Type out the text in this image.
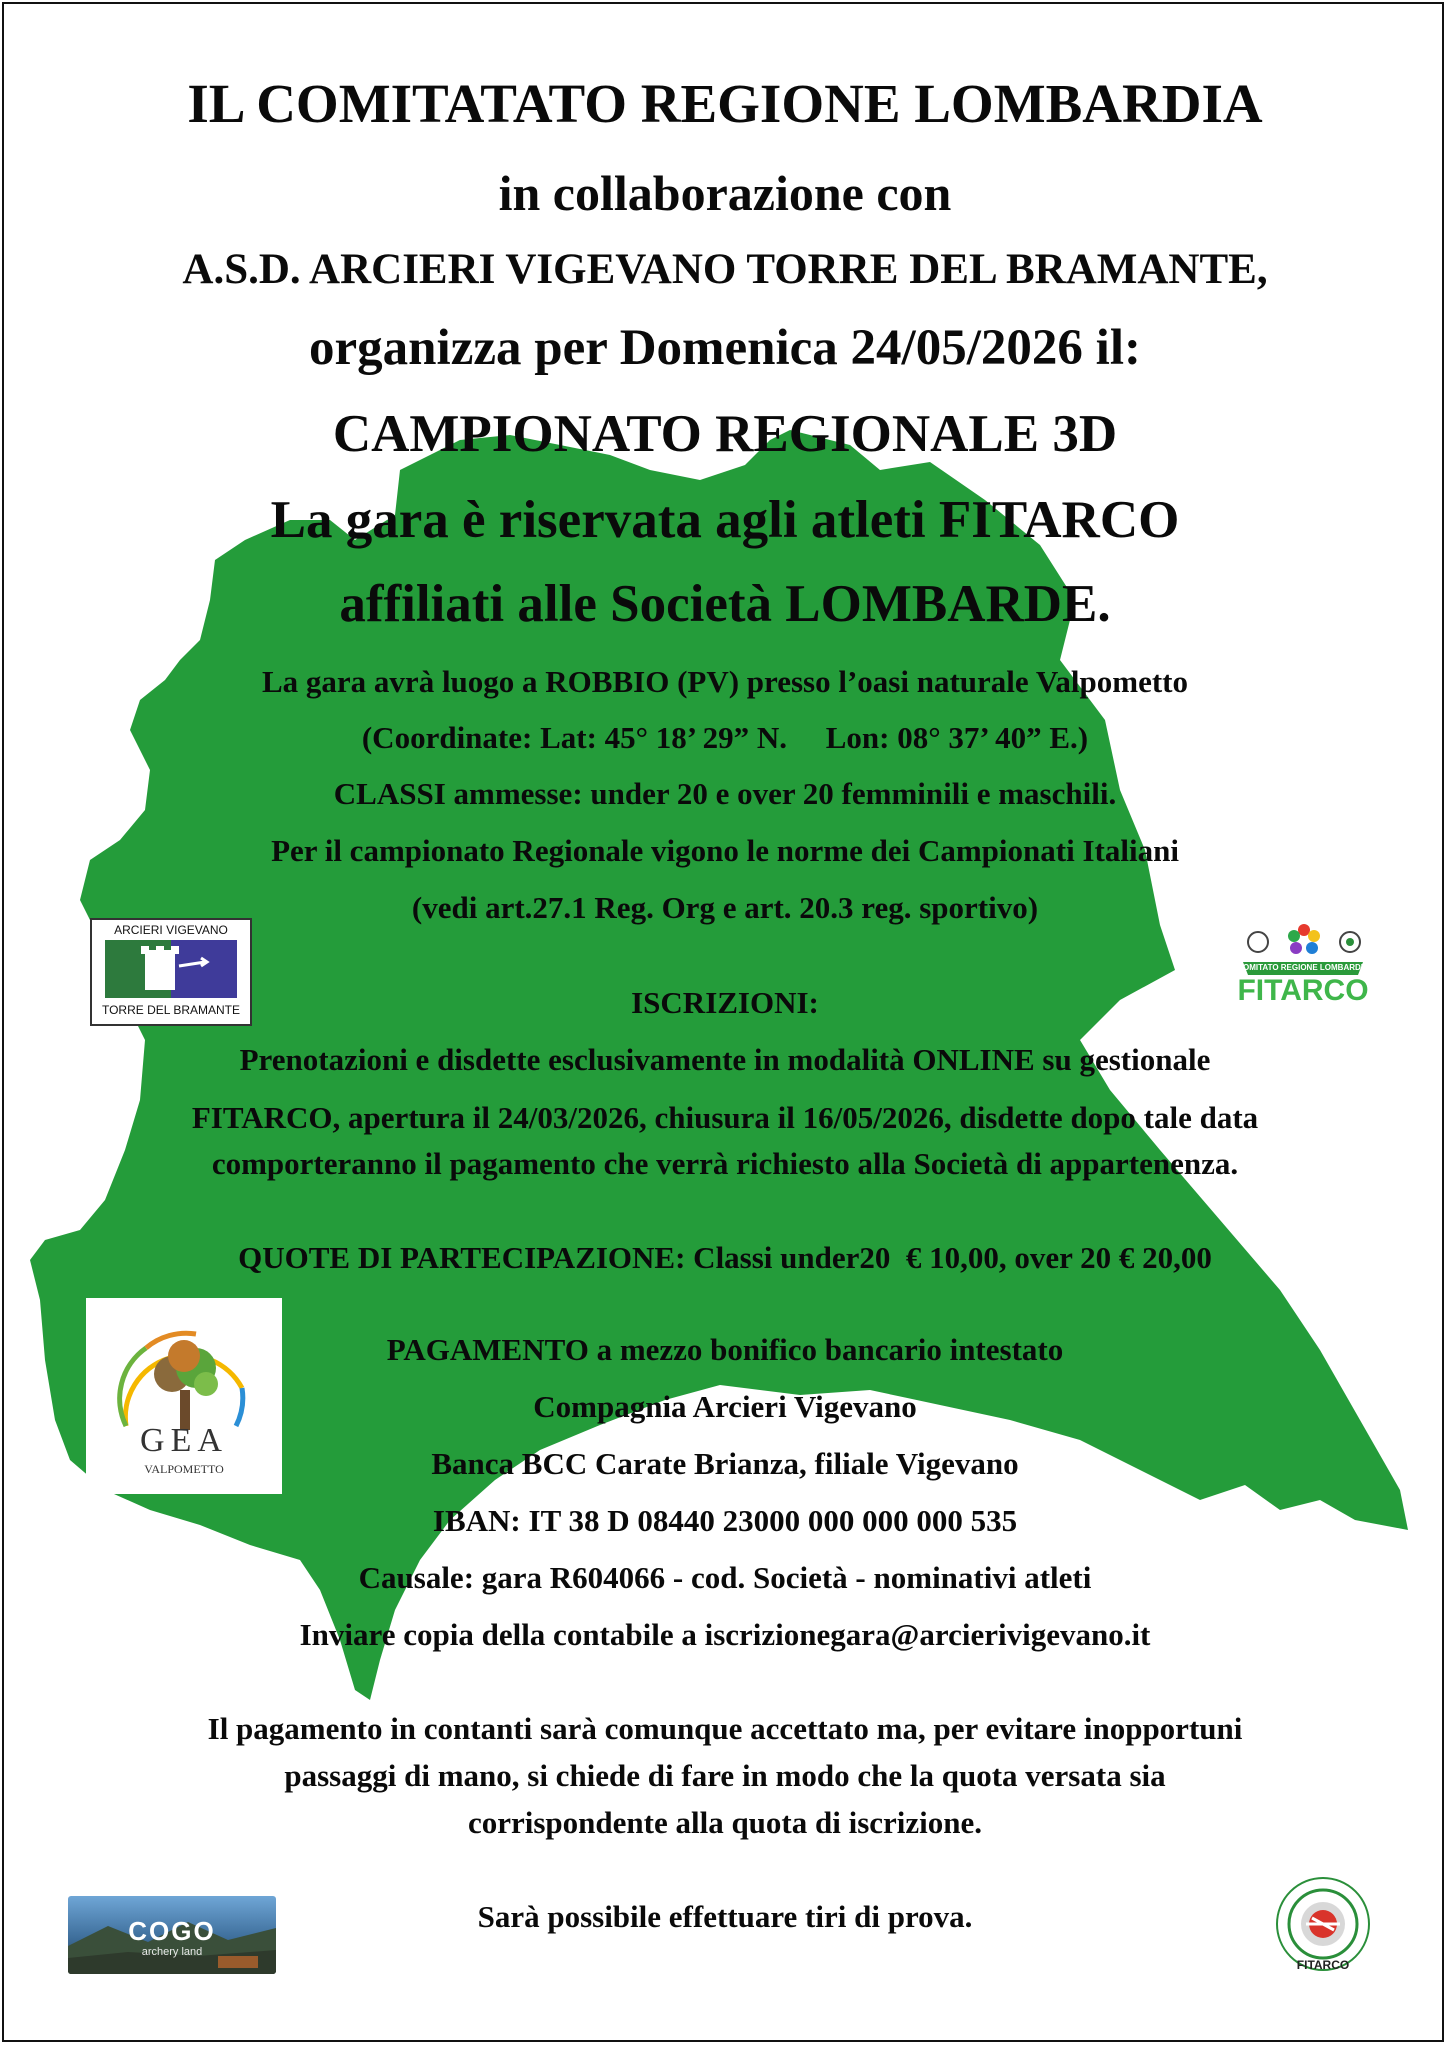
IL COMITATATO REGIONE LOMBARDIA
in collaborazione con
A.S.D. ARCIERI VIGEVANO TORRE DEL BRAMANTE,
organizza per Domenica 24/05/2026 il:
CAMPIONATO REGIONALE 3D
La gara è riservata agli atleti FITARCO
affiliati alle Società LOMBARDE.
La gara avrà luogo a ROBBIO (PV) presso l’oasi naturale Valpometto
(Coordinate: Lat: 45° 18’ 29” N.     Lon: 08° 37’ 40” E.)
CLASSI ammesse: under 20 e over 20 femminili e maschili.
Per il campionato Regionale vigono le norme dei Campionati Italiani
(vedi art.27.1 Reg. Org e art. 20.3 reg. sportivo)
ISCRIZIONI:
Prenotazioni e disdette esclusivamente in modalità ONLINE su gestionale
FITARCO, apertura il 24/03/2026, chiusura il 16/05/2026, disdette dopo tale data
comporteranno il pagamento che verrà richiesto alla Società di appartenenza.
QUOTE DI PARTECIPAZIONE: Classi under20  € 10,00, over 20 € 20,00
PAGAMENTO a mezzo bonifico bancario intestato
Compagnia Arcieri Vigevano
Banca BCC Carate Brianza, filiale Vigevano
IBAN: IT 38 D 08440 23000 000 000 000 535
Causale: gara R604066 - cod. Società - nominativi atleti
Inviare copia della contabile a iscrizionegara@arcierivigevano.it
Il pagamento in contanti sarà comunque accettato ma, per evitare inopportuni
passaggi di mano, si chiede di fare in modo che la quota versata sia
corrispondente alla quota di iscrizione.
Sarà possibile effettuare tiri di prova.
ARCIERI VIGEVANO
TORRE DEL BRAMANTE
COMITATO REGIONE LOMBARDIA
FITARCO
GEA
VALPOMETTO
COGO
archery land
FITARCO
